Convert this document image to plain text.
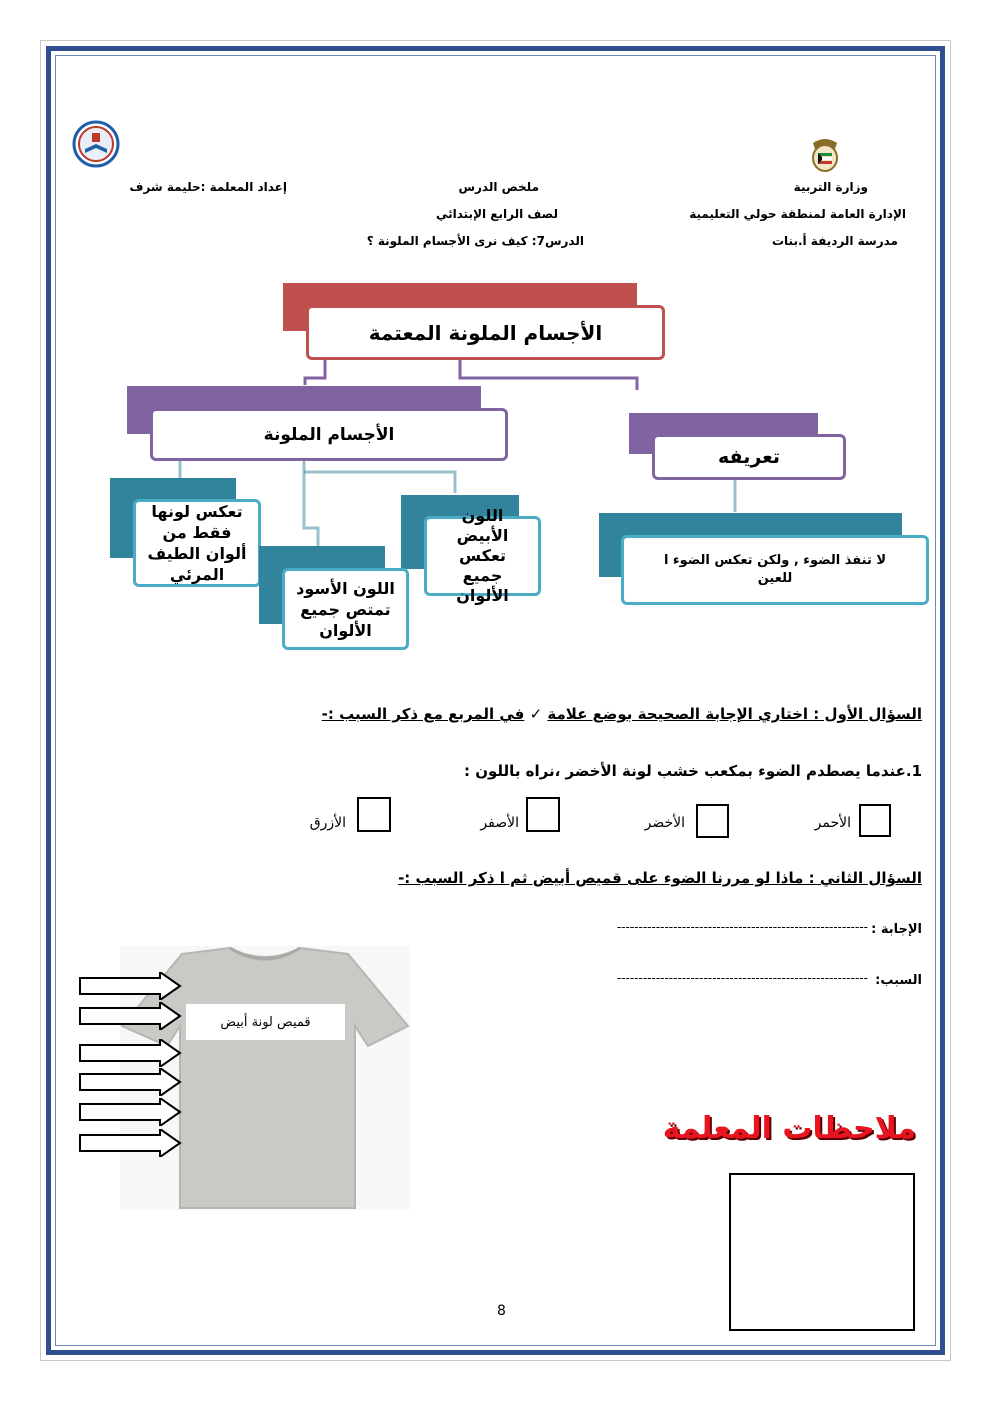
وزارة التربية
الإدارة العامة لمنطقة حولي التعليمية
مدرسة الرديفة أ.بنات
ملخص الدرس
لصف الرابع الإبتدائي
الدرس7: كيف نرى الأجسام الملونة ؟
إعداد المعلمة :حليمة شرف
الأجسام الملونة المعتمة
الأجسام الملونة
تعريفه
لا تنفذ الضوء , ولكن تعكس الضوء ا للعين
اللون الأبيض تعكس جميع الألوان
تعكس لونها فقط من ألوان الطيف المرئي
اللون الأسود تمتص جميع الألوان
السؤال الأول : اختاري الإجابة الصحيحة بوضع علامة ✓ في المربع مع ذكر السبب :-
1.عندما يصطدم الضوء بمكعب خشب لونة الأخضر ،نراه باللون :
الأحمر
الأخضر
الأصفر
الأزرق
السؤال الثاني : ماذا لو مررنا الضوء على قميص أبيض ثم ا ذكر السبب :-
الإجابة :
----------------------------------------------------------
السبب:
----------------------------------------------------------
قميص لونة أبيض
ملاحظات المعلمة
8
